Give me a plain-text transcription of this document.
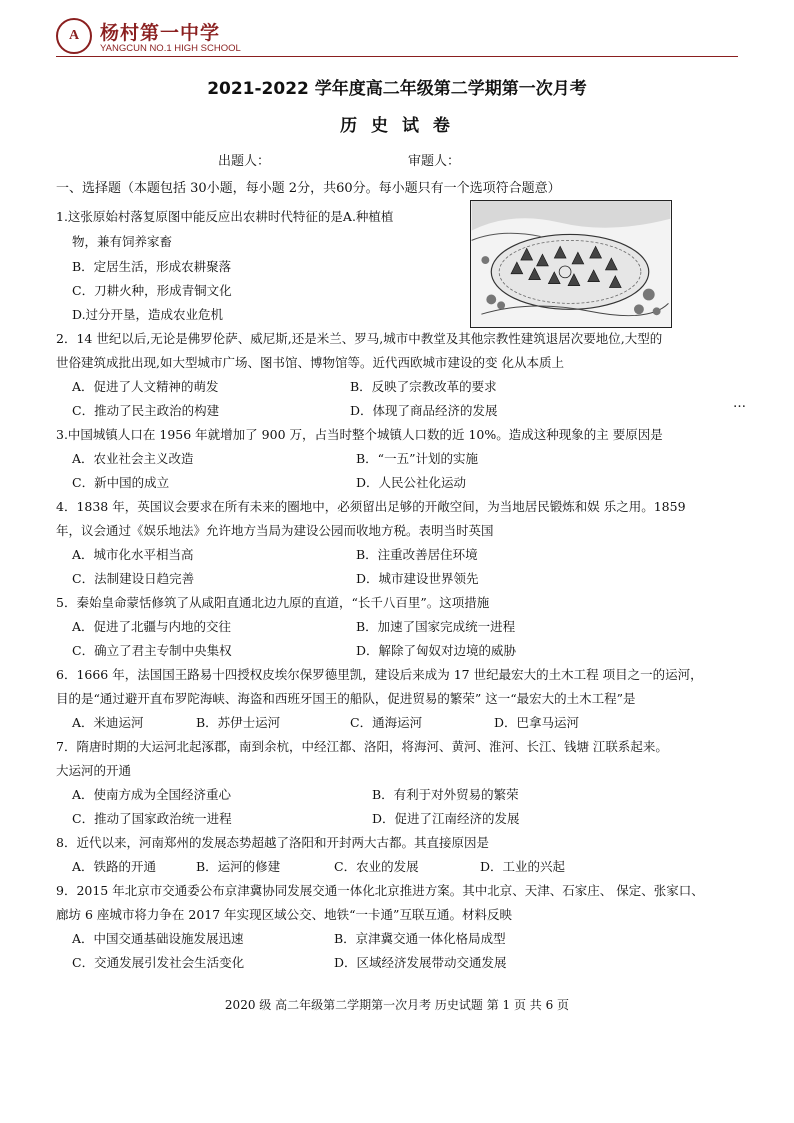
A	杨村第一中学
YANGCUN NO.1 HIGH SCHOOL
2021-2022 学年度高二年级第二学期第一次月考
历 史 试 卷
出题人：	审题人：
一、选择题（本题包括 30小题，每小题 2分，共60分。每小题只有一个选项符合题意）
1.这张原始村落复原图中能反应出农耕时代特征的是A.种植植
物，兼有饲养家畜
B．定居生活，形成农耕聚落
C．刀耕火种，形成青铜文化
D.过分开垦，造成农业危机
2．14 世纪以后,无论是佛罗伦萨、威尼斯,还是米兰、罗马,城市中教堂及其他宗教性建筑退居次要地位,大型的
世俗建筑成批出现,如大型城市广场、图书馆、博物馆等。近代西欧城市建设的变 化从本质上
A．促进了人文精神的萌发	B．反映了宗教改革的要求
C．推动了民主政治的构建	D．体现了商品经济的发展	…
3.中国城镇人口在 1956 年就增加了 900 万，占当时整个城镇人口数的近 10%。造成这种现象的主 要原因是
A．农业社会主义改造	B．“一五”计划的实施
C．新中国的成立	D．人民公社化运动
4．1838 年，英国议会要求在所有未来的圈地中，必须留出足够的开敞空间，为当地居民锻炼和娱 乐之用。1859
年，议会通过《娱乐地法》允许地方当局为建设公园而收地方税。表明当时英国
A．城市化水平相当高	B．注重改善居住环境
C．法制建设日趋完善	D．城市建设世界领先
5．秦始皇命蒙恬修筑了从咸阳直通北边九原的直道，“长千八百里”。这项措施
A．促进了北疆与内地的交往	B．加速了国家完成统一进程
C．确立了君主专制中央集权	D．解除了匈奴对边境的威胁
6．1666 年，法国国王路易十四授权皮埃尔保罗德里凯，建设后来成为 17 世纪最宏大的土木工程 项目之一的运河，
目的是“通过避开直布罗陀海峡、海盗和西班牙国王的船队，促进贸易的繁荣” 这一“最宏大的土木工程”是
A．米迪运河	B．苏伊士运河	C．通海运河	D．巴拿马运河
7．隋唐时期的大运河北起涿郡，南到余杭，中经江都、洛阳，将海河、黄河、淮河、长江、钱塘 江联系起来。
大运河的开通
A．使南方成为全国经济重心	B．有利于对外贸易的繁荣
C．推动了国家政治统一进程	D．促进了江南经济的发展
8．近代以来，河南郑州的发展态势超越了洛阳和开封两大古都。其直接原因是
A．铁路的开通	B．运河的修建	C．农业的发展	D．工业的兴起
9．2015 年北京市交通委公布京津冀协同发展交通一体化北京推进方案。其中北京、天津、石家庄、 保定、张家口、
廊坊 6 座城市将力争在 2017 年实现区域公交、地铁“一卡通”互联互通。材料反映
A．中国交通基础设施发展迅速	B．京津冀交通一体化格局成型
C．交通发展引发社会生活变化	D．区域经济发展带动交通发展
2020 级 高二年级第二学期第一次月考 历史试题 第 1 页 共 6 页
